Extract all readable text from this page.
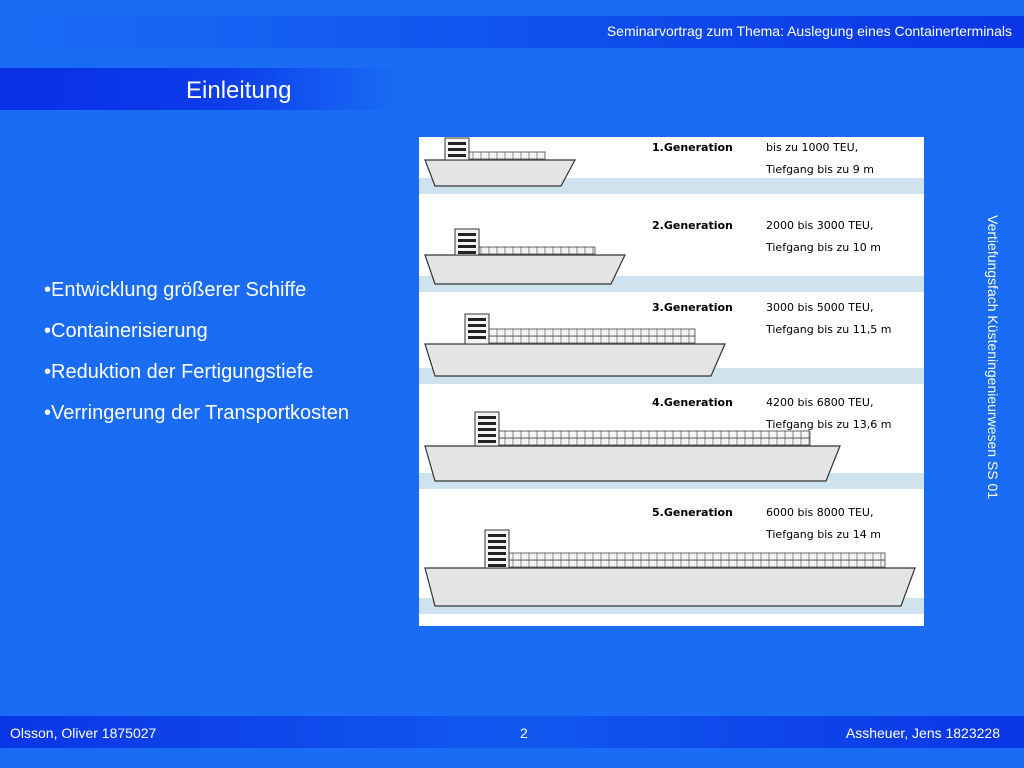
Seminarvortrag zum Thema: Auslegung eines Containerterminals
Einleitung
•Entwicklung größerer Schiffe
•Containerisierung
•Reduktion der Fertigungstiefe
•Verringerung der Transportkosten
1.Generation	bis zu 1000 TEU,
Tiefgang bis zu 9 m
2.Generation	2000 bis 3000 TEU,
Tiefgang bis zu 10 m
3.Generation	3000 bis 5000 TEU,
Tiefgang bis zu 11,5 m
4.Generation	4200 bis 6800 TEU,
Tiefgang bis zu 13,6 m
5.Generation	6000 bis 8000 TEU,
Tiefgang bis zu 14 m
Vertiefungsfach Küsteningenieurwesen SS 01
Olsson, Oliver 1875027	2	Assheuer, Jens 1823228
